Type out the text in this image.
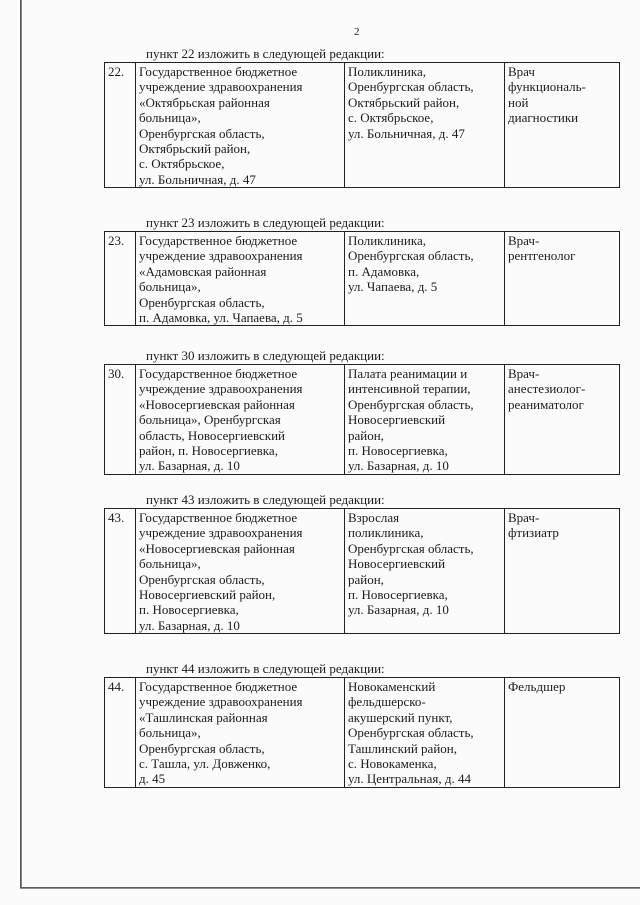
2
пункт 22 изложить в следующей редакции:
22.	Государственное бюджетное
учреждение здравоохранения
«Октябрьская районная
больница»,
Оренбургская область,
Октябрьский район,
с. Октябрьское,
ул. Больничная, д. 47

Поликлиника,
Оренбургская область,
Октябрьский район,
с. Октябрьское,
ул. Больничная, д. 47

Врач
функциональ-
ной
диагностики
пункт 23 изложить в следующей редакции:
23.	Государственное бюджетное
учреждение здравоохранения
«Адамовская районная
больница»,
Оренбургская область,
п. Адамовка, ул. Чапаева, д. 5

Поликлиника,
Оренбургская область,
п. Адамовка,
ул. Чапаева, д. 5

Врач-
рентгенолог
пункт 30 изложить в следующей редакции:
30.	Государственное бюджетное
учреждение здравоохранения
«Новосергиевская районная
больница», Оренбургская
область, Новосергиевский
район, п. Новосергиевка,
ул. Базарная, д. 10

Палата реанимации и
интенсивной терапии,
Оренбургская область,
Новосергиевский
район,
п. Новосергиевка,
ул. Базарная, д. 10

Врач-
анестезиолог-
реаниматолог
пункт 43 изложить в следующей редакции:
43.	Государственное бюджетное
учреждение здравоохранения
«Новосергиевская районная
больница»,
Оренбургская область,
Новосергиевский район,
п. Новосергиевка,
ул. Базарная, д. 10

Взрослая
поликлиника,
Оренбургская область,
Новосергиевский
район,
п. Новосергиевка,
ул. Базарная, д. 10

Врач-
фтизиатр
пункт 44 изложить в следующей редакции:
44.	Государственное бюджетное
учреждение здравоохранения
«Ташлинская районная
больница»,
Оренбургская область,
с. Ташла, ул. Довженко,
д. 45

Новокаменский
фельдшерско-
акушерский пункт,
Оренбургская область,
Ташлинский район,
с. Новокаменка,
ул. Центральная, д. 44

Фельдшер
